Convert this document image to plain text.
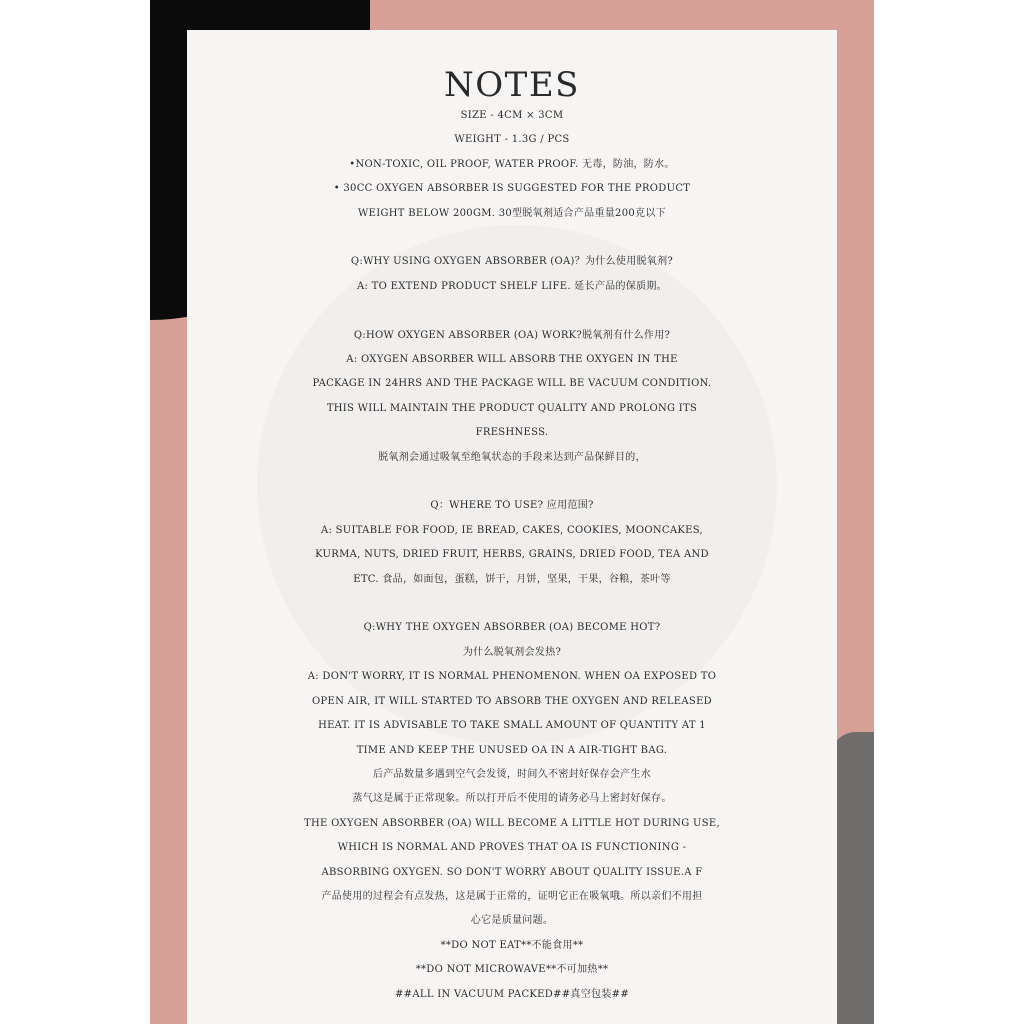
NOTES
SIZE - 4CM × 3CM
WEIGHT - 1.3G / PCS
•NON-TOXIC, OIL PROOF, WATER PROOF. 无毒，防油，防水。
• 30CC OXYGEN ABSORBER IS SUGGESTED FOR THE PRODUCT
WEIGHT BELOW 200GM. 30型脱氧剂适合产品重量200克以下
Q:WHY USING OXYGEN ABSORBER (OA)？为什么使用脱氧剂?
A: TO EXTEND PRODUCT SHELF LIFE. 延长产品的保质期。
Q:HOW OXYGEN ABSORBER (OA) WORK?脱氧剂有什么作用?
A: OXYGEN ABSORBER WILL ABSORB THE OXYGEN IN THE
PACKAGE IN 24HRS AND THE PACKAGE WILL BE VACUUM CONDITION.
THIS WILL MAINTAIN THE PRODUCT QUALITY AND PROLONG ITS
FRESHNESS.
脱氧剂会通过吸氧至绝氧状态的手段来达到产品保鲜目的，
Q：WHERE TO USE? 应用范围?
A: SUITABLE FOR FOOD, IE BREAD, CAKES, COOKIES, MOONCAKES,
KURMA, NUTS, DRIED FRUIT, HERBS, GRAINS, DRIED FOOD, TEA AND
ETC. 食品，如面包，蛋糕，饼干，月饼，坚果，干果，谷粮，茶叶等
Q:WHY THE OXYGEN ABSORBER (OA) BECOME HOT?
为什么脱氧剂会发热?
A: DON'T WORRY, IT IS NORMAL PHENOMENON. WHEN OA EXPOSED TO
OPEN AIR, IT WILL STARTED TO ABSORB THE OXYGEN AND RELEASED
HEAT. IT IS ADVISABLE TO TAKE SMALL AMOUNT OF QUANTITY AT 1
TIME AND KEEP THE UNUSED OA IN A AIR-TIGHT BAG.
后产品数量多遇到空气会发烫，时间久不密封好保存会产生水
蒸气这是属于正常现象。所以打开后不使用的请务必马上密封好保存。
THE OXYGEN ABSORBER (OA) WILL BECOME A LITTLE HOT DURING USE,
WHICH IS NORMAL AND PROVES THAT OA IS FUNCTIONING -
ABSORBING OXYGEN. SO DON'T WORRY ABOUT QUALITY ISSUE.A F
产品使用的过程会有点发热，这是属于正常的，证明它正在吸氧哦。所以亲们不用担
心它是质量问题。
**DO NOT EAT**不能食用**
**DO NOT MICROWAVE**不可加热**
##ALL IN VACUUM PACKED##真空包装##
